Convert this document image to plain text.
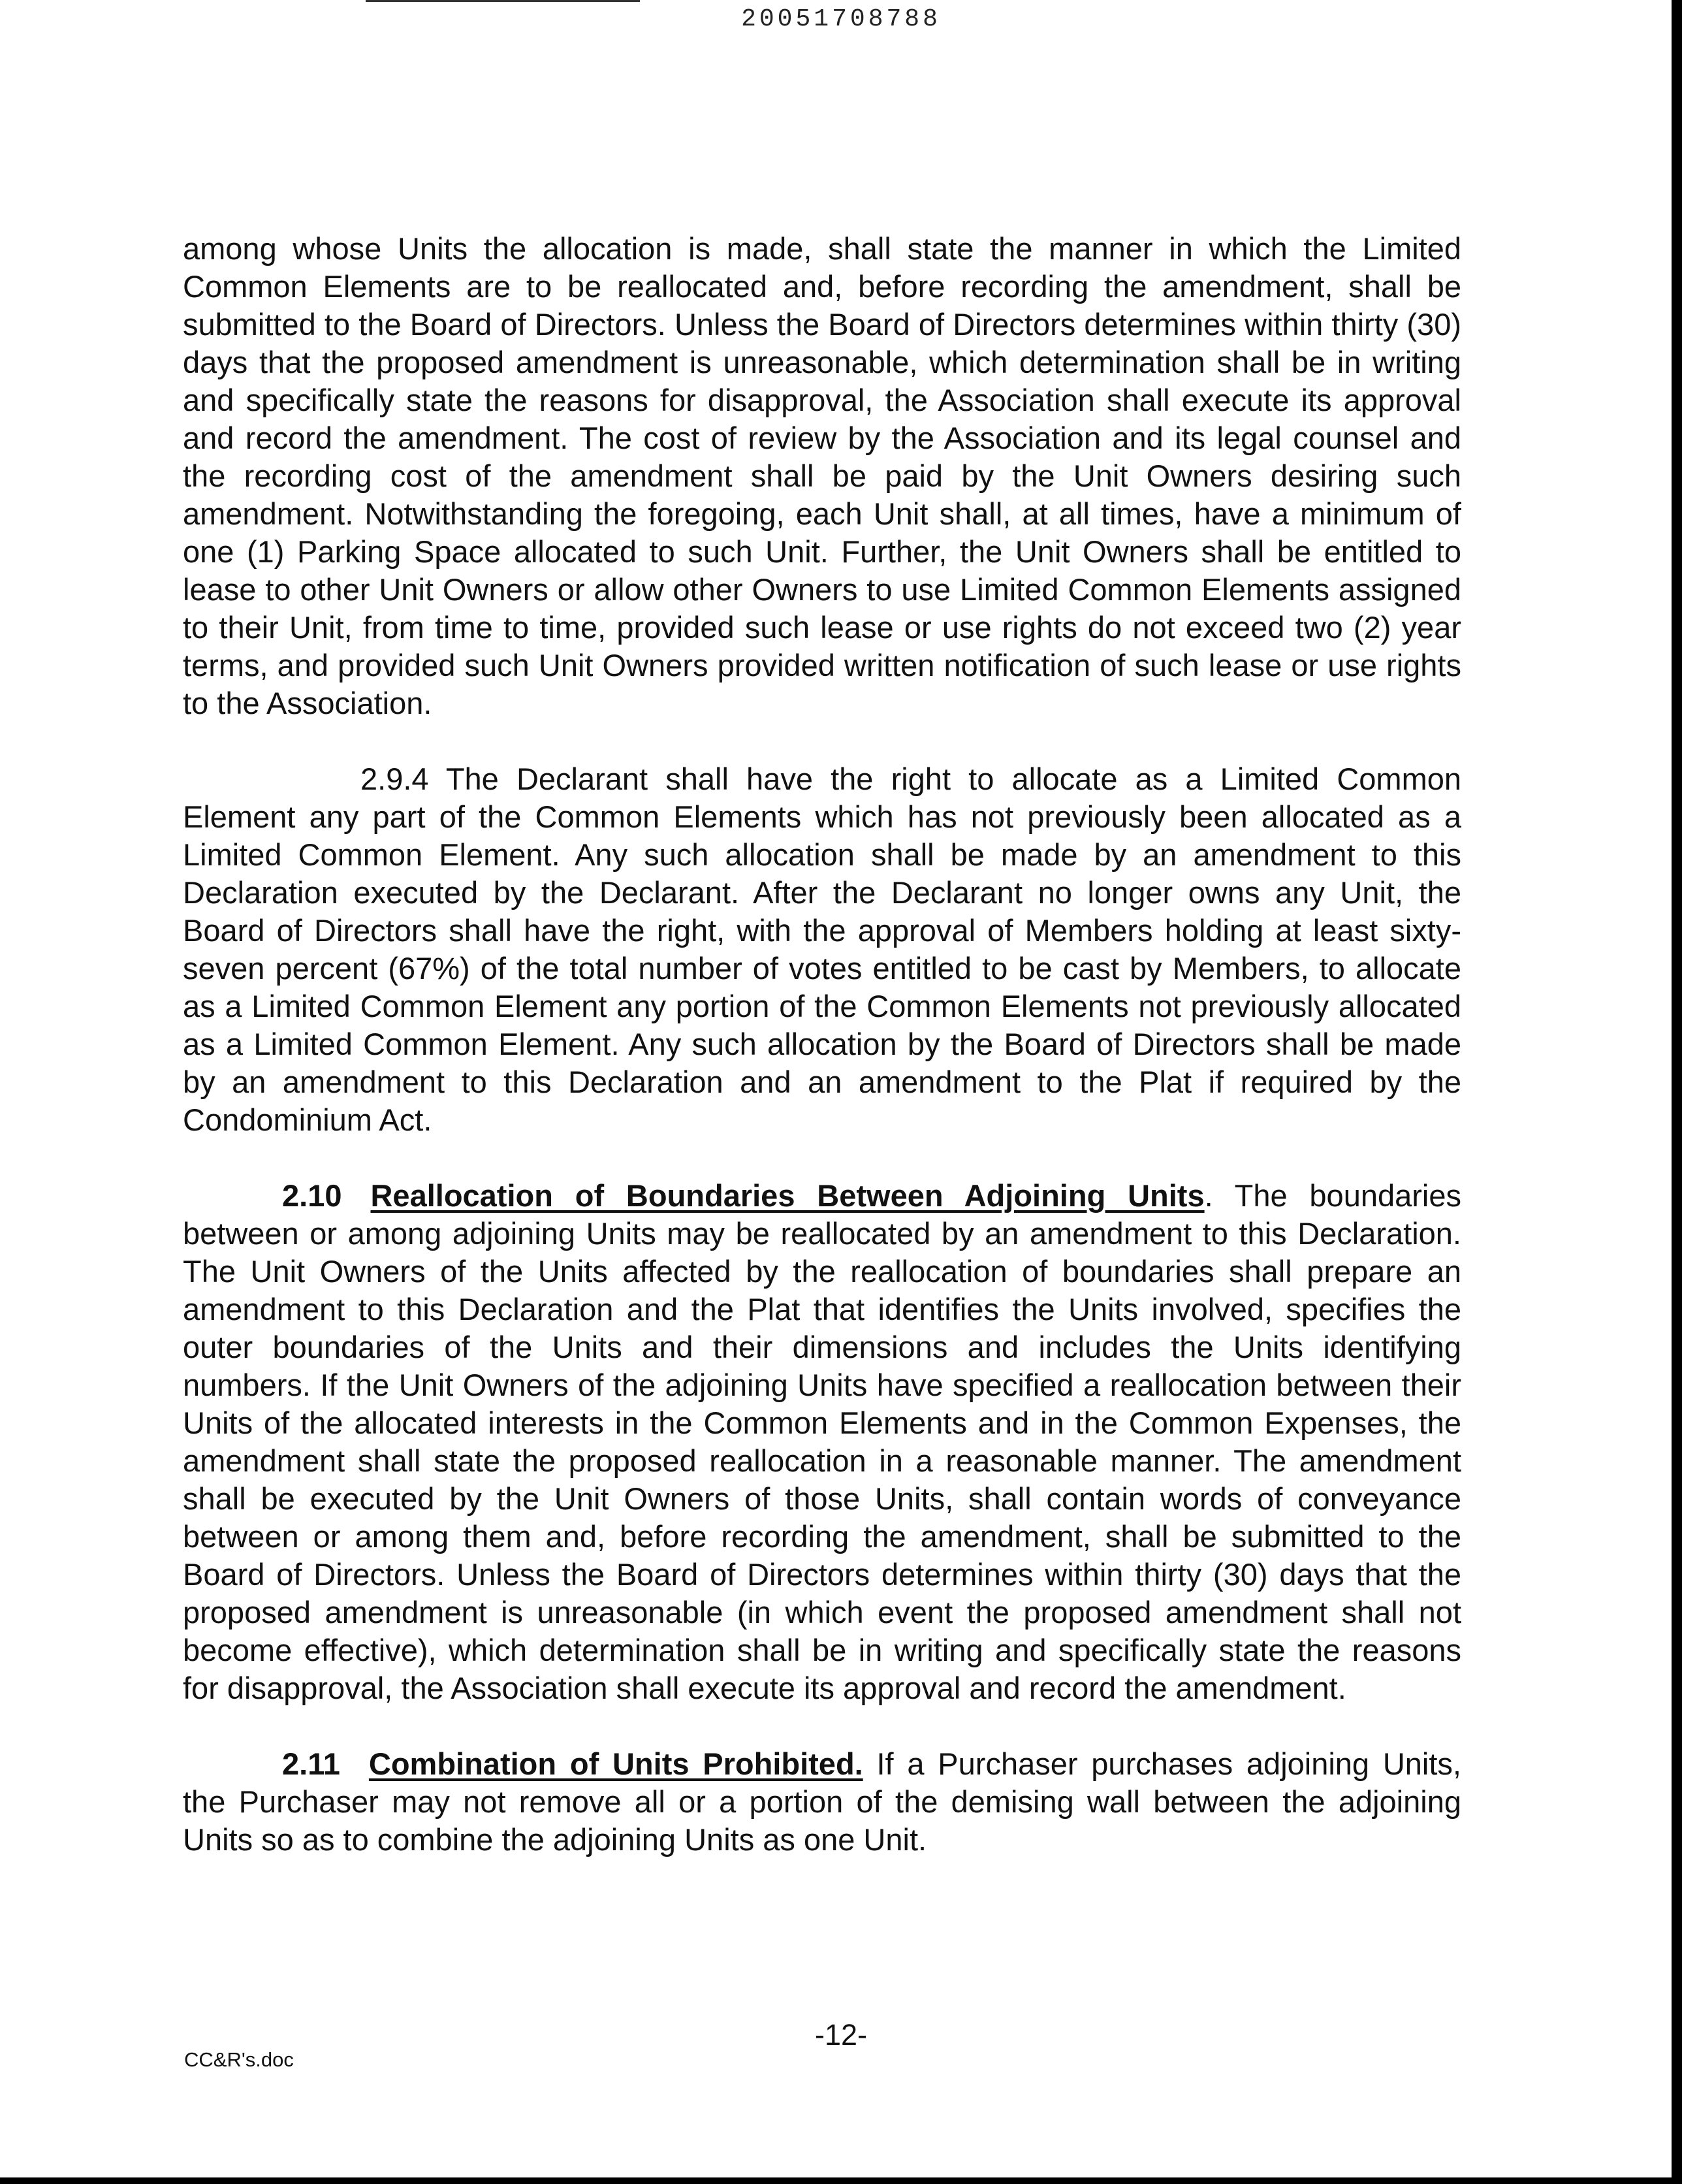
20051708788

among whose Units the allocation is made, shall state the manner in which the Limited Common Elements are to be reallocated and, before recording the amendment, shall be submitted to the Board of Directors. Unless the Board of Directors determines within thirty (30) days that the proposed amendment is unreasonable, which determination shall be in writing and specifically state the reasons for disapproval, the Association shall execute its approval and record the amendment. The cost of review by the Association and its legal counsel and the recording cost of the amendment shall be paid by the Unit Owners desiring such amendment. Notwithstanding the foregoing, each Unit shall, at all times, have a minimum of one (1) Parking Space allocated to such Unit. Further, the Unit Owners shall be entitled to lease to other Unit Owners or allow other Owners to use Limited Common Elements assigned to their Unit, from time to time, provided such lease or use rights do not exceed two (2) year terms, and provided such Unit Owners provided written notification of such lease or use rights to the Association.

2.9.4 The Declarant shall have the right to allocate as a Limited Common Element any part of the Common Elements which has not previously been allocated as a Limited Common Element. Any such allocation shall be made by an amendment to this Declaration executed by the Declarant. After the Declarant no longer owns any Unit, the Board of Directors shall have the right, with the approval of Members holding at least sixty-seven percent (67%) of the total number of votes entitled to be cast by Members, to allocate as a Limited Common Element any portion of the Common Elements not previously allocated as a Limited Common Element. Any such allocation by the Board of Directors shall be made by an amendment to this Declaration and an amendment to the Plat if required by the Condominium Act.

2.10 Reallocation of Boundaries Between Adjoining Units. The boundaries between or among adjoining Units may be reallocated by an amendment to this Declaration. The Unit Owners of the Units affected by the reallocation of boundaries shall prepare an amendment to this Declaration and the Plat that identifies the Units involved, specifies the outer boundaries of the Units and their dimensions and includes the Units identifying numbers. If the Unit Owners of the adjoining Units have specified a reallocation between their Units of the allocated interests in the Common Elements and in the Common Expenses, the amendment shall state the proposed reallocation in a reasonable manner. The amendment shall be executed by the Unit Owners of those Units, shall contain words of conveyance between or among them and, before recording the amendment, shall be submitted to the Board of Directors. Unless the Board of Directors determines within thirty (30) days that the proposed amendment is unreasonable (in which event the proposed amendment shall not become effective), which determination shall be in writing and specifically state the reasons for disapproval, the Association shall execute its approval and record the amendment.

2.11 Combination of Units Prohibited. If a Purchaser purchases adjoining Units, the Purchaser may not remove all or a portion of the demising wall between the adjoining Units so as to combine the adjoining Units as one Unit.

-12-
CC&R's.doc
